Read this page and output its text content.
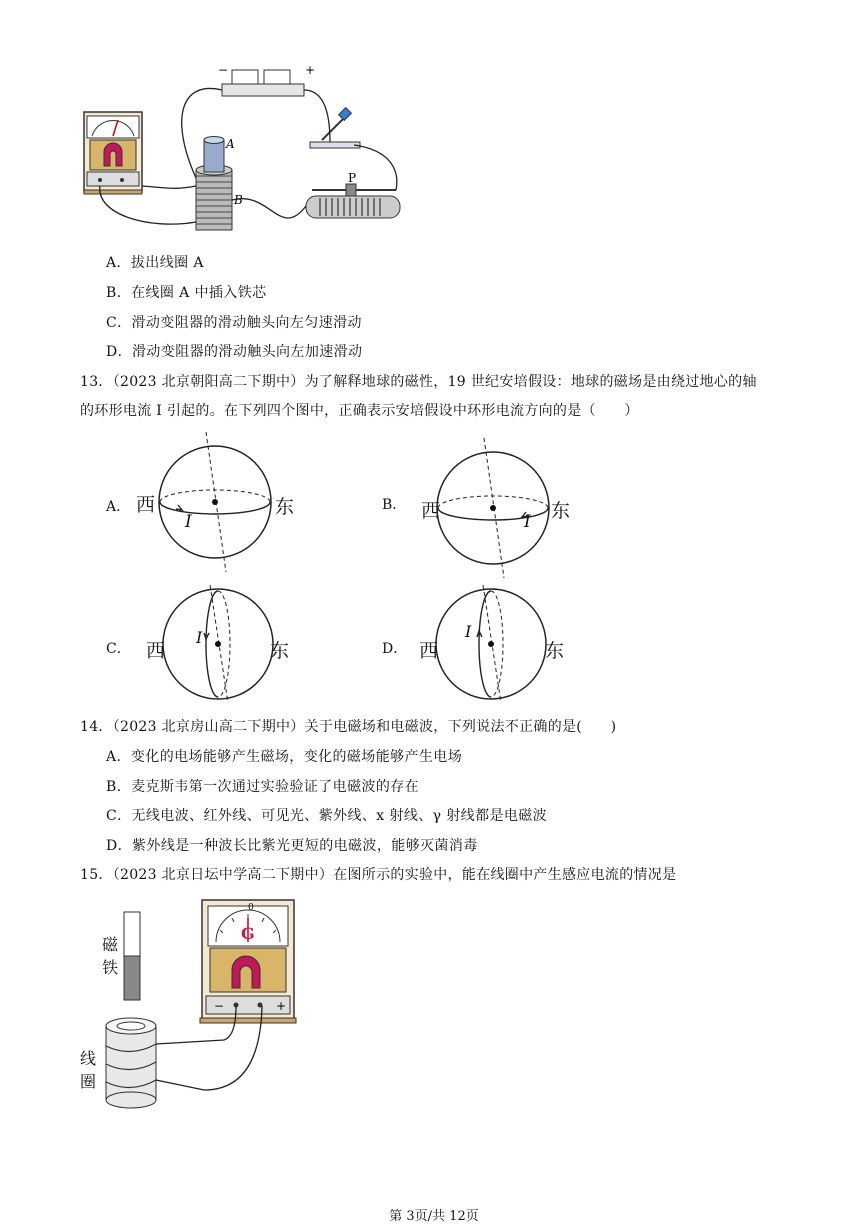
A
B
−	+
P
A．拔出线圈 A
B．在线圈 A 中插入铁芯
C．滑动变阻器的滑动触头向左匀速滑动
D．滑动变阻器的滑动触头向左加速滑动
13．（2023 北京朝阳高二下期中）为了解释地球的磁性，19 世纪安培假设：地球的磁场是由绕过地心的轴
的环形电流 I 引起的。在下列四个图中，正确表示安培假设中环形电流方向的是（　　）
A． 西	东
I
B． 西	东
I
C． 西	东
I
D． 西	东
I
14．（2023 北京房山高二下期中）关于电磁场和电磁波，下列说法不正确的是(　　)
A．变化的电场能够产生磁场，变化的磁场能够产生电场
B．麦克斯韦第一次通过实验验证了电磁波的存在
C．无线电波、红外线、可见光、紫外线、x 射线、γ 射线都是电磁波
D．紫外线是一种波长比紫光更短的电磁波，能够灭菌消毒
15．（2023 北京日坛中学高二下期中）在图所示的实验中，能在线圈中产生感应电流的情况是
−	+
0
G
磁
铁
线
圈
第 3页/共 12页
